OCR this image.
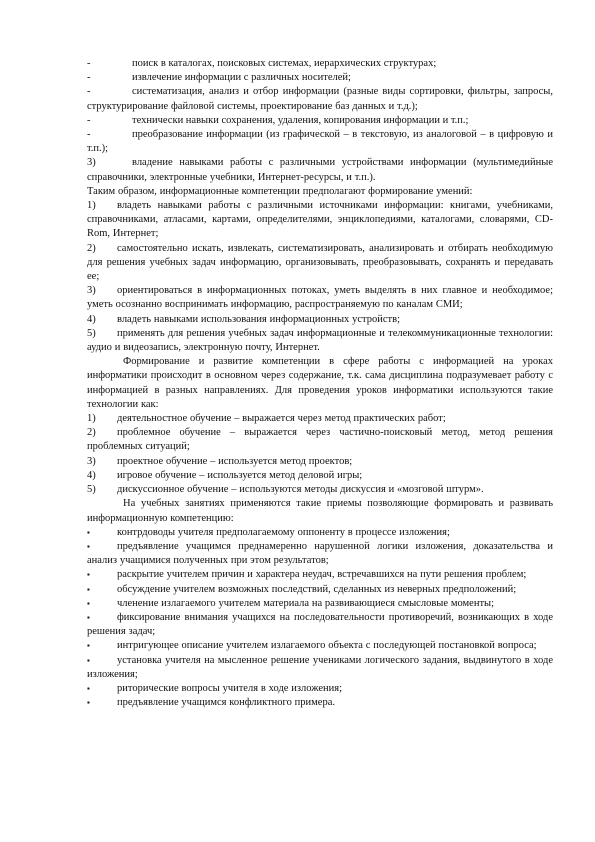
-	поиск в каталогах, поисковых системах, иерархических структурах;
-	извлечение информации с различных носителей;
-	систематизация, анализ и отбор информации (разные виды сортировки, фильтры, запросы, структурирование файловой системы, проектирование баз данных и т.д.);
-	технически навыки сохранения, удаления, копирования информации и т.п.;
-	преобразование информации (из графической – в текстовую, из аналоговой – в цифровую и т.п.);
3)	владение навыками работы с различными устройствами информации (мультимедийные справочники, электронные учебники, Интернет-ресурсы, и т.п.).
Таким образом, информационные компетенции предполагают формирование умений:
1) владеть навыками работы с различными источниками информации: книгами, учебниками, справочниками, атласами, картами, определителями, энциклопедиями, каталогами, словарями, CD-Rom, Интернет;
2) самостоятельно искать, извлекать, систематизировать, анализировать и отбирать необходимую для решения учебных задач информацию, организовывать, преобразовывать, сохранять и передавать ее;
3) ориентироваться в информационных потоках, уметь выделять в них главное и необходимое; уметь осознанно воспринимать информацию, распространяемую по каналам СМИ;
4) владеть навыками использования информационных устройств;
5) применять для решения учебных задач информационные и телекоммуникационные технологии: аудио и видеозапись, электронную почту, Интернет.
Формирование и развитие компетенции в сфере работы с информацией на уроках информатики происходит в основном через содержание, т.к. сама дисциплина подразумевает работу с информацией в разных направлениях. Для проведения уроков информатики используются такие технологии как:
1) деятельностное обучение – выражается через метод практических работ;
2) проблемное обучение – выражается через частично-поисковый метод, метод решения проблемных ситуаций;
3) проектное обучение – используется метод проектов;
4) игровое обучение – используется метод деловой игры;
5) дискуссионное обучение – используются методы дискуссия и «мозговой штурм».
На учебных занятиях применяются такие приемы позволяющие формировать и развивать информационную компетенцию:
▪	контрдоводы учителя предполагаемому оппоненту в процессе изложения;
▪	предъявление учащимся преднамеренно нарушенной логики изложения, доказательства и анализ учащимися полученных при этом результатов;
▪	раскрытие учителем причин и характера неудач, встречавшихся на пути решения проблем;
▪	обсуждение учителем возможных последствий, сделанных из неверных предположений;
▪	членение излагаемого учителем материала на развивающиеся смысловые моменты;
▪	фиксирование внимания учащихся на последовательности противоречий, возникающих в ходе решения задач;
▪	интригующее описание учителем излагаемого объекта с последующей постановкой вопроса;
▪	установка учителя на мысленное решение учениками логического задания, выдвинутого в ходе изложения;
▪	риторические вопросы учителя в ходе изложения;
▪	предъявление учащимся конфликтного примера.
